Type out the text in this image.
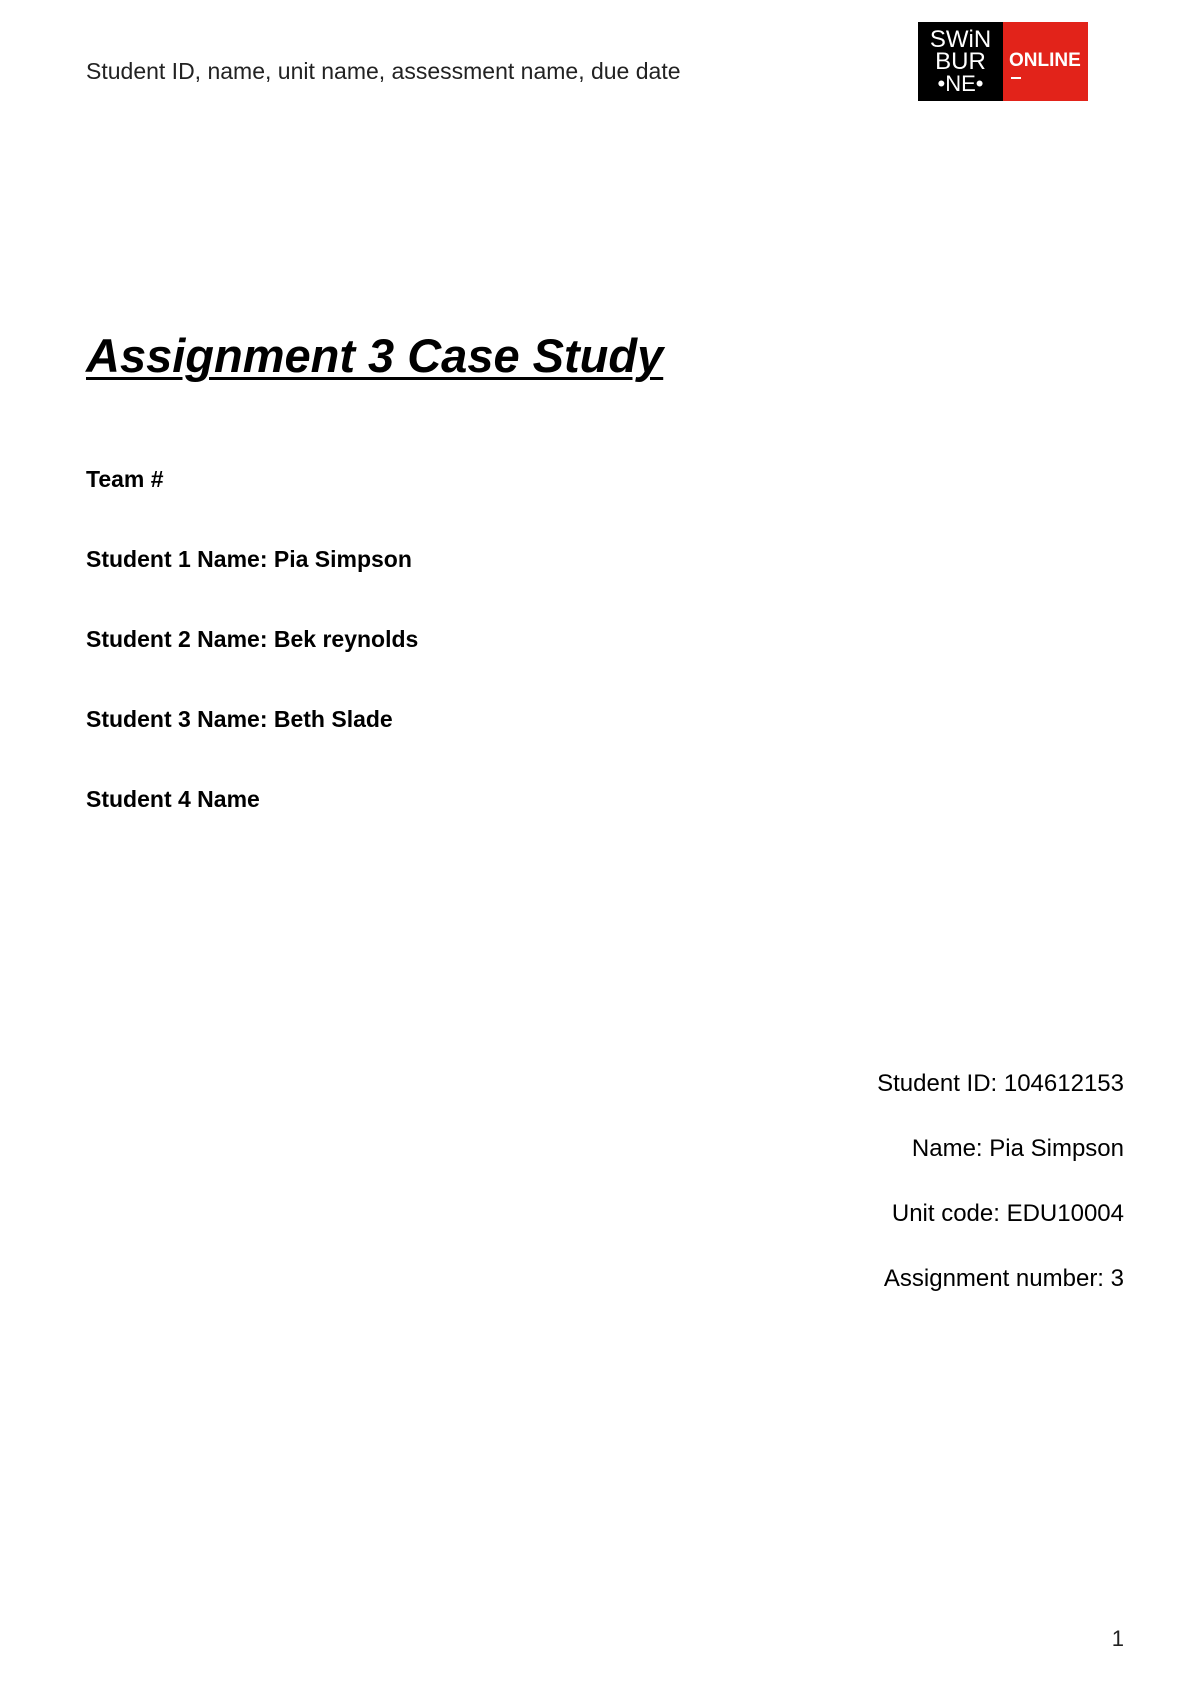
Student ID, name, unit name, assessment name, due date
SWiN
BUR
•NE•
ONLINE
Assignment 3 Case Study
Team #
Student 1 Name: Pia Simpson
Student 2 Name: Bek reynolds
Student 3 Name: Beth Slade
Student 4 Name
Student ID: 104612153
Name: Pia Simpson
Unit code: EDU10004
Assignment number: 3
1
